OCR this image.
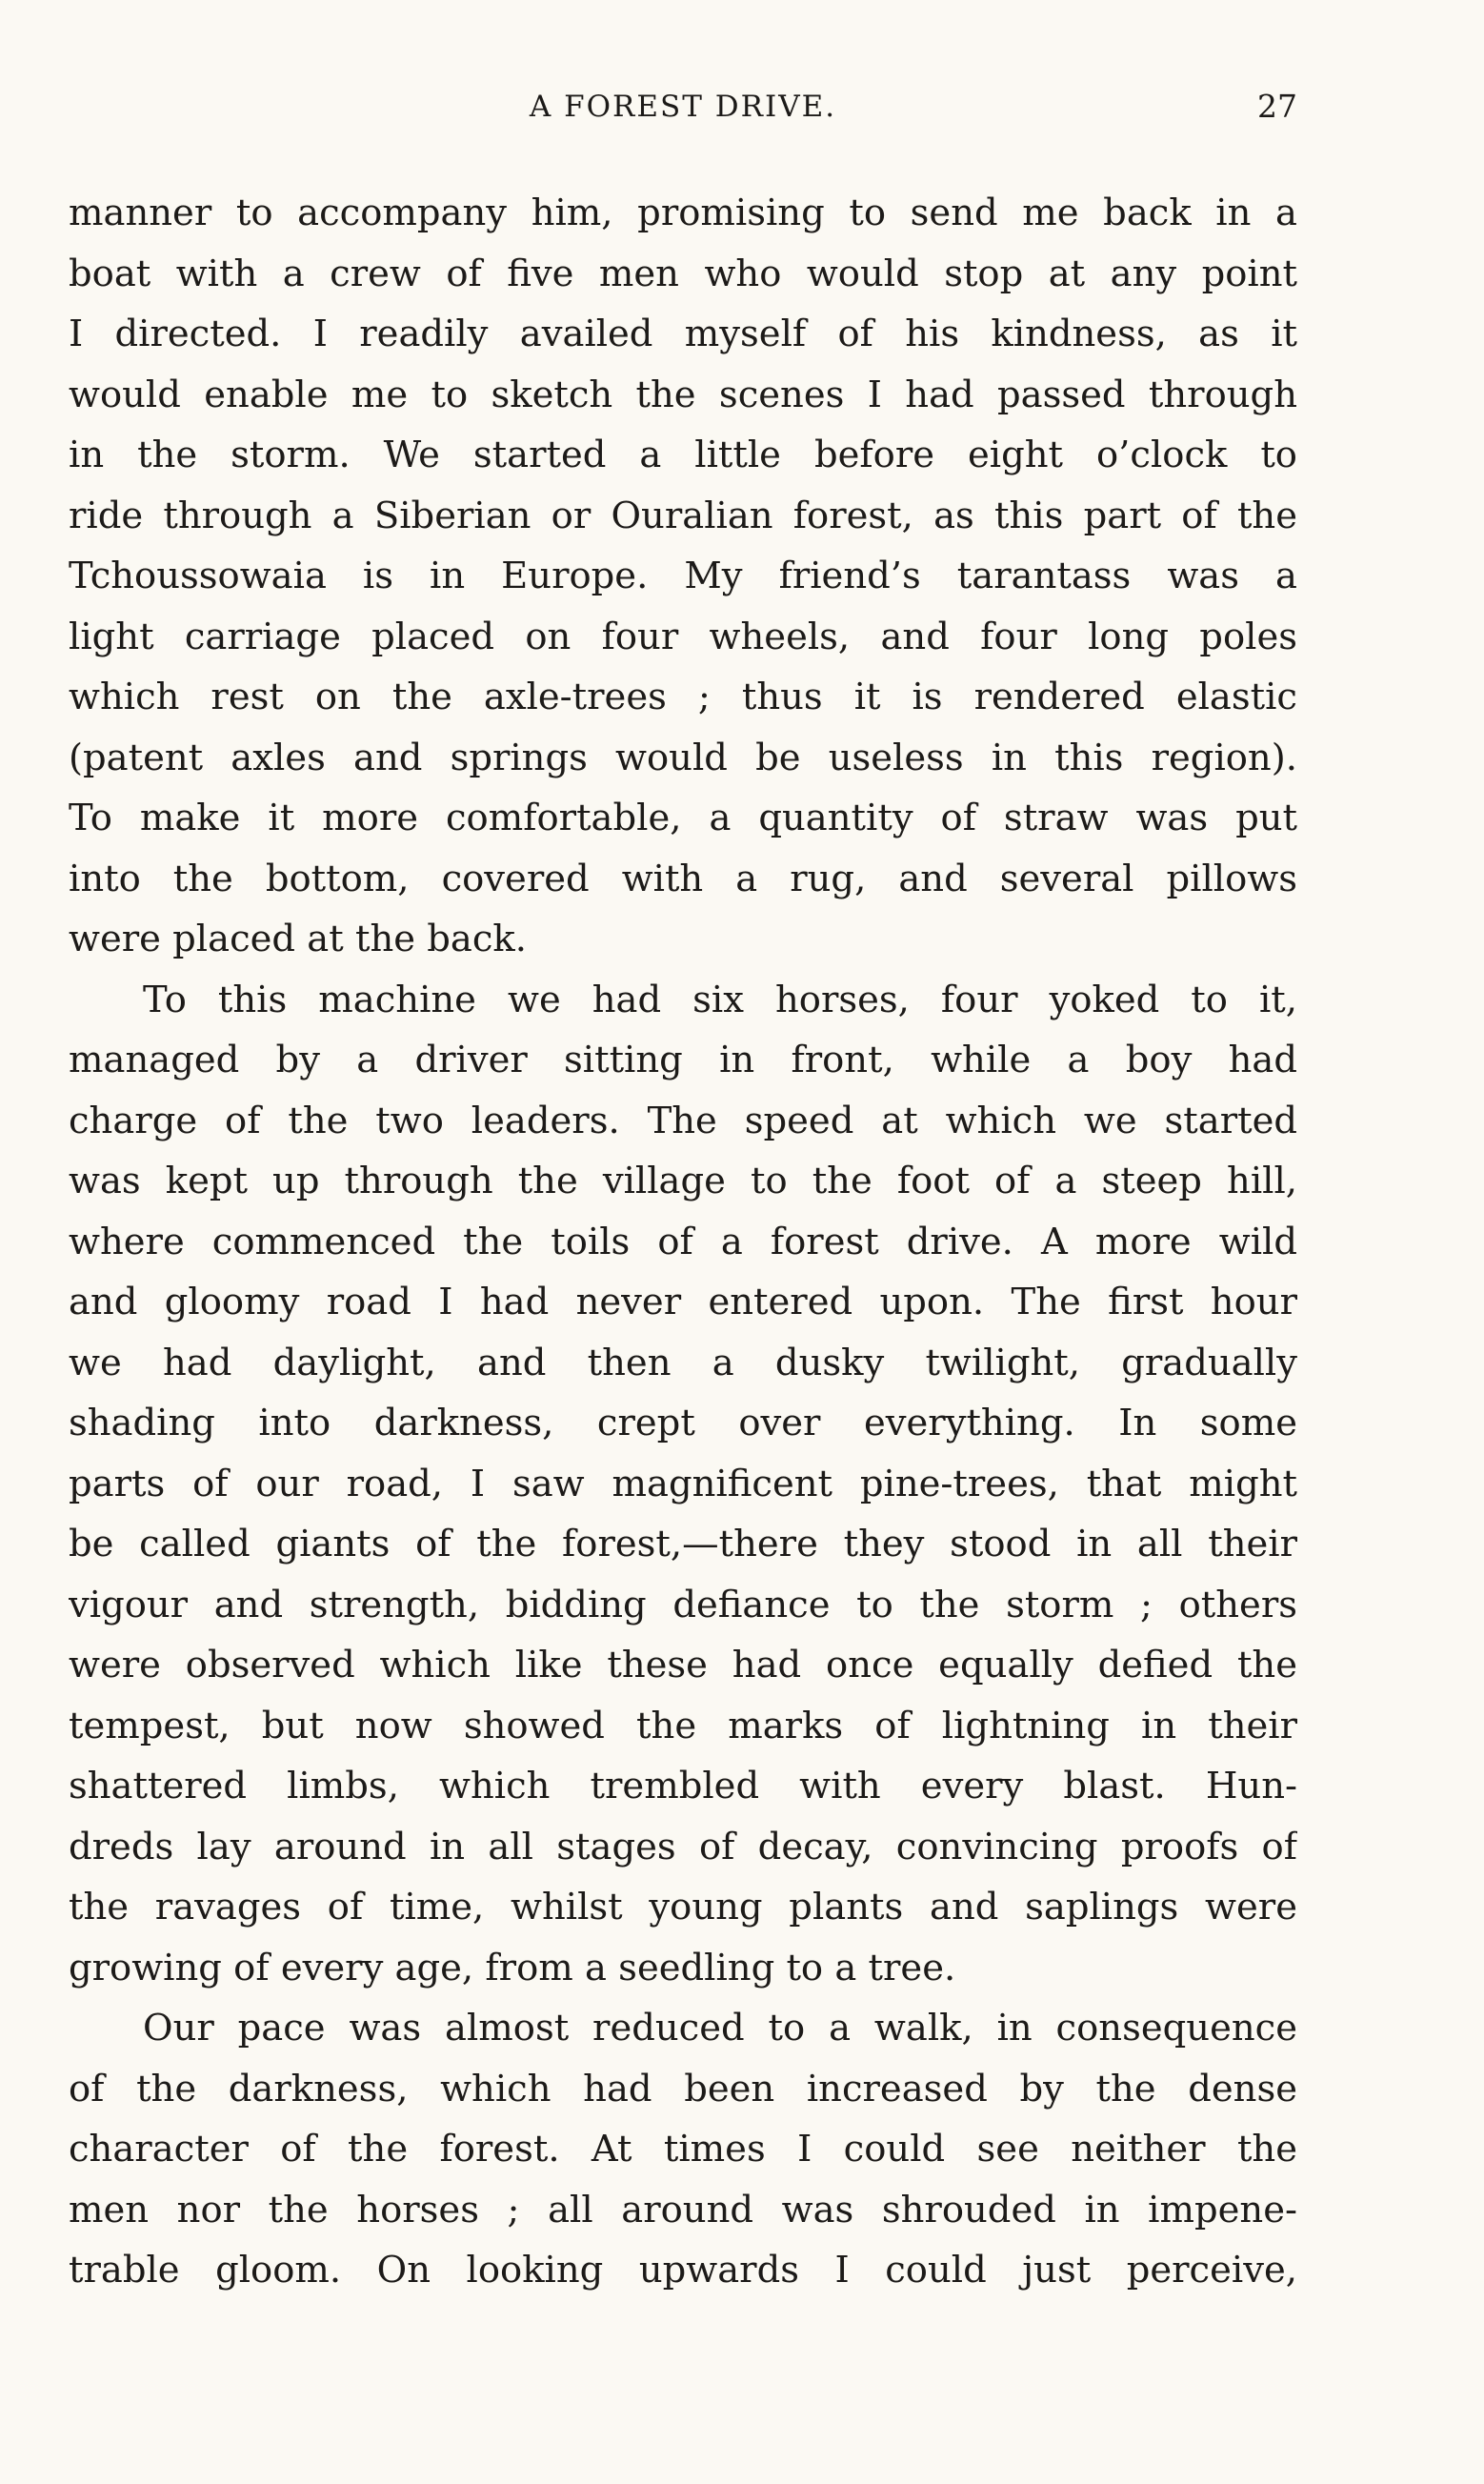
A FOREST DRIVE.	27
manner to accompany him, promising to send me back in a
boat with a crew of five men who would stop at any point
I directed. I readily availed myself of his kindness, as it
would enable me to sketch the scenes I had passed through
in the storm. We started a little before eight o’clock to
ride through a Siberian or Ouralian forest, as this part of the
Tchoussowaia is in Europe. My friend’s tarantass was a
light carriage placed on four wheels, and four long poles
which rest on the axle-trees ; thus it is rendered elastic
(patent axles and springs would be useless in this region).
To make it more comfortable, a quantity of straw was put
into the bottom, covered with a rug, and several pillows
were placed at the back.
To this machine we had six horses, four yoked to it,
managed by a driver sitting in front, while a boy had
charge of the two leaders. The speed at which we started
was kept up through the village to the foot of a steep hill,
where commenced the toils of a forest drive. A more wild
and gloomy road I had never entered upon. The first hour
we had daylight, and then a dusky twilight, gradually
shading into darkness, crept over everything. In some
parts of our road, I saw magnificent pine-trees, that might
be called giants of the forest,—there they stood in all their
vigour and strength, bidding defiance to the storm ; others
were observed which like these had once equally defied the
tempest, but now showed the marks of lightning in their
shattered limbs, which trembled with every blast. Hun-
dreds lay around in all stages of decay, convincing proofs of
the ravages of time, whilst young plants and saplings were
growing of every age, from a seedling to a tree.
Our pace was almost reduced to a walk, in consequence
of the darkness, which had been increased by the dense
character of the forest. At times I could see neither the
men nor the horses ; all around was shrouded in impene-
trable gloom. On looking upwards I could just perceive,
